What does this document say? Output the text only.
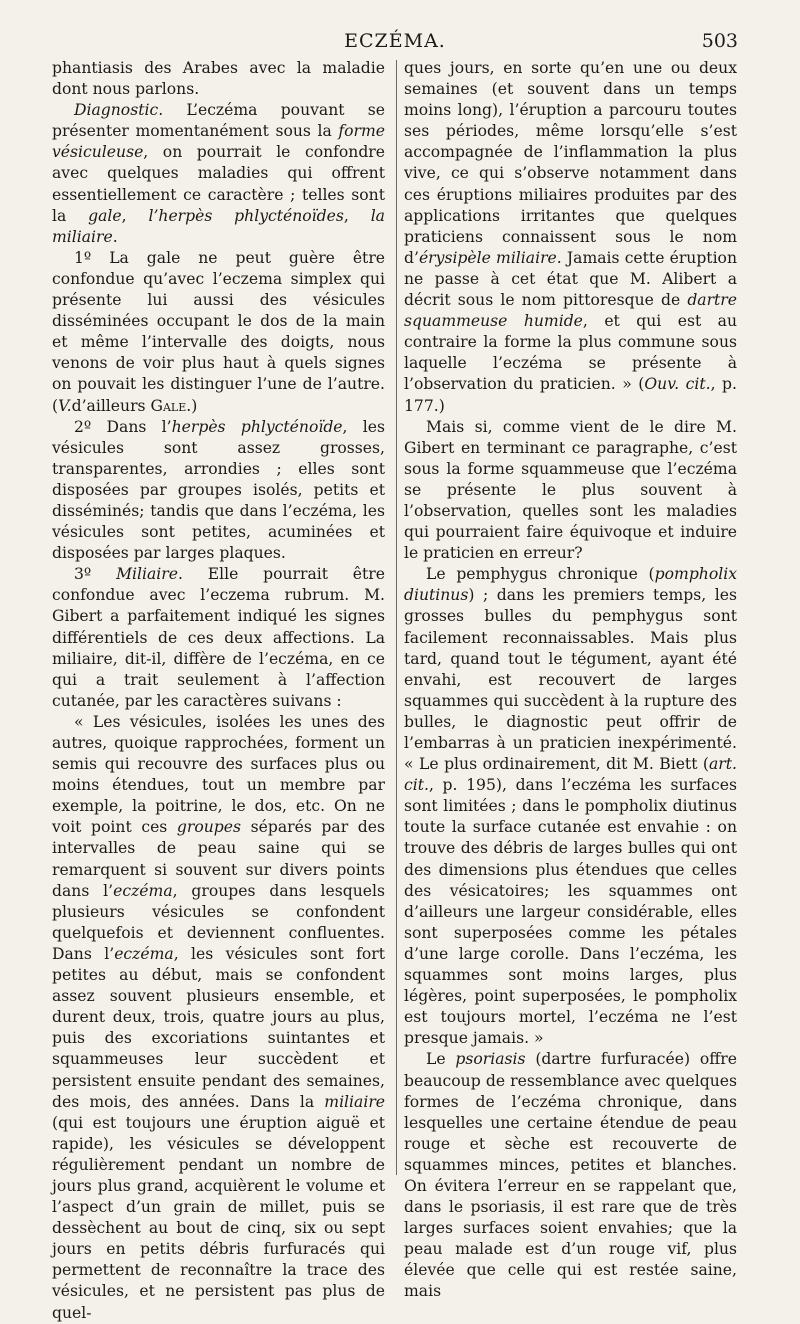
ECZÉMA.	503

phantiasis des Arabes avec la maladie dont nous parlons.

Diagnostic. L’eczéma pouvant se présenter momentanément sous la forme vésiculeuse, on pourrait le confondre avec quelques maladies qui offrent essentiellement ce caractère ; telles sont la gale, l’herpès phlycténoïdes, la miliaire.

1º La gale ne peut guère être confondue qu’avec l’eczema simplex qui présente lui aussi des vésicules disséminées occupant le dos de la main et même l’intervalle des doigts, nous venons de voir plus haut à quels signes on pouvait les distinguer l’une de l’autre. (V.d’ailleurs Gale.)

2º Dans l’herpès phlycténoïde, les vésicules sont assez grosses, transparentes, arrondies ; elles sont disposées par groupes isolés, petits et disséminés; tandis que dans l’eczéma, les vésicules sont petites, acuminées et disposées par larges plaques.

3º Miliaire. Elle pourrait être confondue avec l’eczema rubrum. M. Gibert a parfaitement indiqué les signes différentiels de ces deux affections. La miliaire, dit-il, diffère de l’eczéma, en ce qui a trait seulement à l’affection cutanée, par les caractères suivans :

« Les vésicules, isolées les unes des autres, quoique rapprochées, forment un semis qui recouvre des surfaces plus ou moins étendues, tout un membre par exemple, la poitrine, le dos, etc. On ne voit point ces groupes séparés par des intervalles de peau saine qui se remarquent si souvent sur divers points dans l’eczéma, groupes dans lesquels plusieurs vésicules se confondent quelquefois et deviennent confluentes. Dans l’eczéma, les vésicules sont fort petites au début, mais se confondent assez souvent plusieurs ensemble, et durent deux, trois, quatre jours au plus, puis des excoriations suintantes et squammeuses leur succèdent et persistent ensuite pendant des semaines, des mois, des années. Dans la miliaire (qui est toujours une éruption aiguë et rapide), les vésicules se développent régulièrement pendant un nombre de jours plus grand, acquièrent le volume et l’aspect d’un grain de millet, puis se dessèchent au bout de cinq, six ou sept jours en petits débris furfuracés qui permettent de reconnaître la trace des vésicules, et ne persistent pas plus de quel-

ques jours, en sorte qu’en une ou deux semaines (et souvent dans un temps moins long), l’éruption a parcouru toutes ses périodes, même lorsqu’elle s’est accompagnée de l’inflammation la plus vive, ce qui s’observe notamment dans ces éruptions miliaires produites par des applications irritantes que quelques praticiens connaissent sous le nom d’érysipèle miliaire. Jamais cette éruption ne passe à cet état que M. Alibert a décrit sous le nom pittoresque de dartre squammeuse humide, et qui est au contraire la forme la plus commune sous laquelle l’eczéma se présente à l’observation du praticien. » (Ouv. cit., p. 177.)

Mais si, comme vient de le dire M. Gibert en terminant ce paragraphe, c’est sous la forme squammeuse que l’eczéma se présente le plus souvent à l’observation, quelles sont les maladies qui pourraient faire équivoque et induire le praticien en erreur?

Le pemphygus chronique (pompholix diutinus) ; dans les premiers temps, les grosses bulles du pemphygus sont facilement reconnaissables. Mais plus tard, quand tout le tégument, ayant été envahi, est recouvert de larges squammes qui succèdent à la rupture des bulles, le diagnostic peut offrir de l’embarras à un praticien inexpérimenté. « Le plus ordinairement, dit M. Biett (art. cit., p. 195), dans l’eczéma les surfaces sont limitées ; dans le pompholix diutinus toute la surface cutanée est envahie : on trouve des débris de larges bulles qui ont des dimensions plus étendues que celles des vésicatoires; les squammes ont d’ailleurs une largeur considérable, elles sont superposées comme les pétales d’une large corolle. Dans l’eczéma, les squammes sont moins larges, plus légères, point superposées, le pompholix est toujours mortel, l’eczéma ne l’est presque jamais. »

Le psoriasis (dartre furfuracée) offre beaucoup de ressemblance avec quelques formes de l’eczéma chronique, dans lesquelles une certaine étendue de peau rouge et sèche est recouverte de squammes minces, petites et blanches. On évitera l’erreur en se rappelant que, dans le psoriasis, il est rare que de très larges surfaces soient envahies; que la peau malade est d’un rouge vif, plus élevée que celle qui est restée saine, mais
